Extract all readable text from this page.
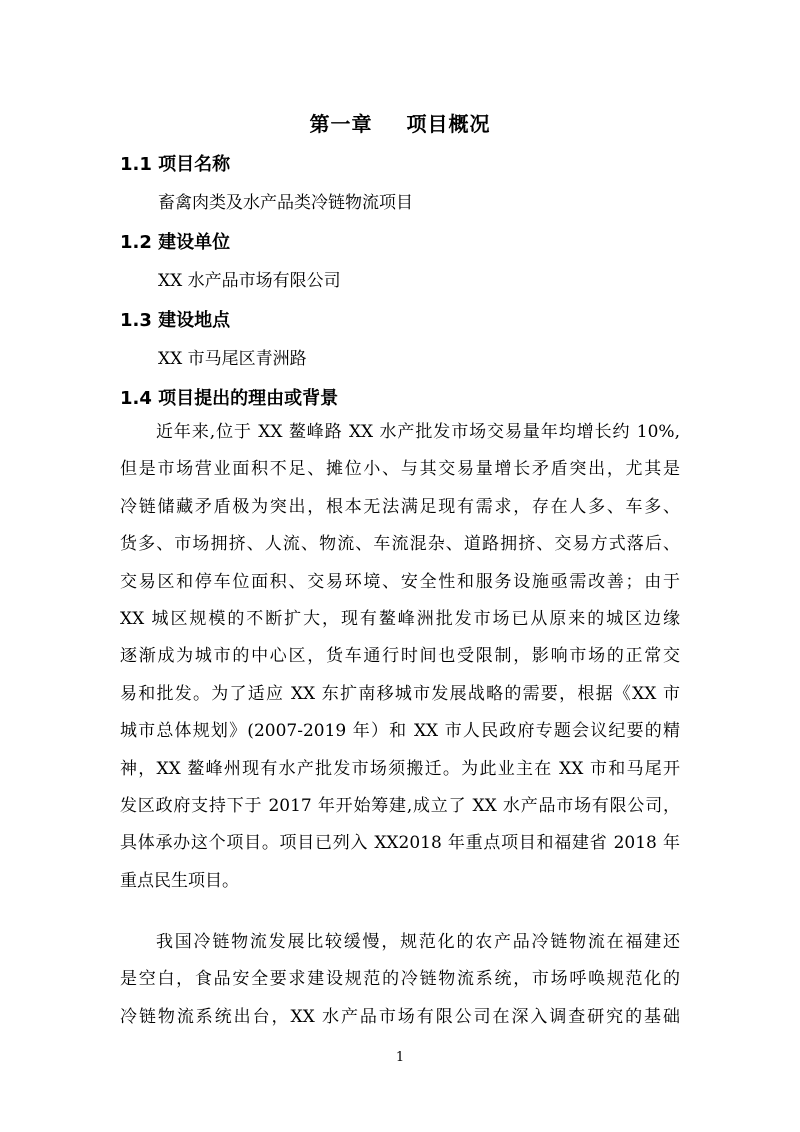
第一章 项目概况
1.1 项目名称
畜禽肉类及水产品类冷链物流项目
1.2 建设单位
XX 水产品市场有限公司
1.3 建设地点
XX 市马尾区青洲路
1.4 项目提出的理由或背景
近年来,位于 XX 鳌峰路 XX 水产批发市场交易量年均增长约 10%,
但是市场营业面积不足、摊位小、与其交易量增长矛盾突出，尤其是
冷链储藏矛盾极为突出，根本无法满足现有需求，存在人多、车多、
货多、市场拥挤、人流、物流、车流混杂、道路拥挤、交易方式落后、
交易区和停车位面积、交易环境、安全性和服务设施亟需改善；由于
XX 城区规模的不断扩大，现有鳌峰洲批发市场已从原来的城区边缘
逐渐成为城市的中心区，货车通行时间也受限制，影响市场的正常交
易和批发。为了适应 XX 东扩南移城市发展战略的需要，根据《XX 市
城市总体规划》(2007-2019 年）和 XX 市人民政府专题会议纪要的精
神，XX 鳌峰州现有水产批发市场须搬迁。为此业主在 XX 市和马尾开
发区政府支持下于 2017 年开始筹建,成立了 XX 水产品市场有限公司，
具体承办这个项目。项目已列入 XX2018 年重点项目和福建省 2018 年
重点民生项目。
我国冷链物流发展比较缓慢，规范化的农产品冷链物流在福建还
是空白，食品安全要求建设规范的冷链物流系统，市场呼唤规范化的
冷链物流系统出台，XX 水产品市场有限公司在深入调查研究的基础
1
